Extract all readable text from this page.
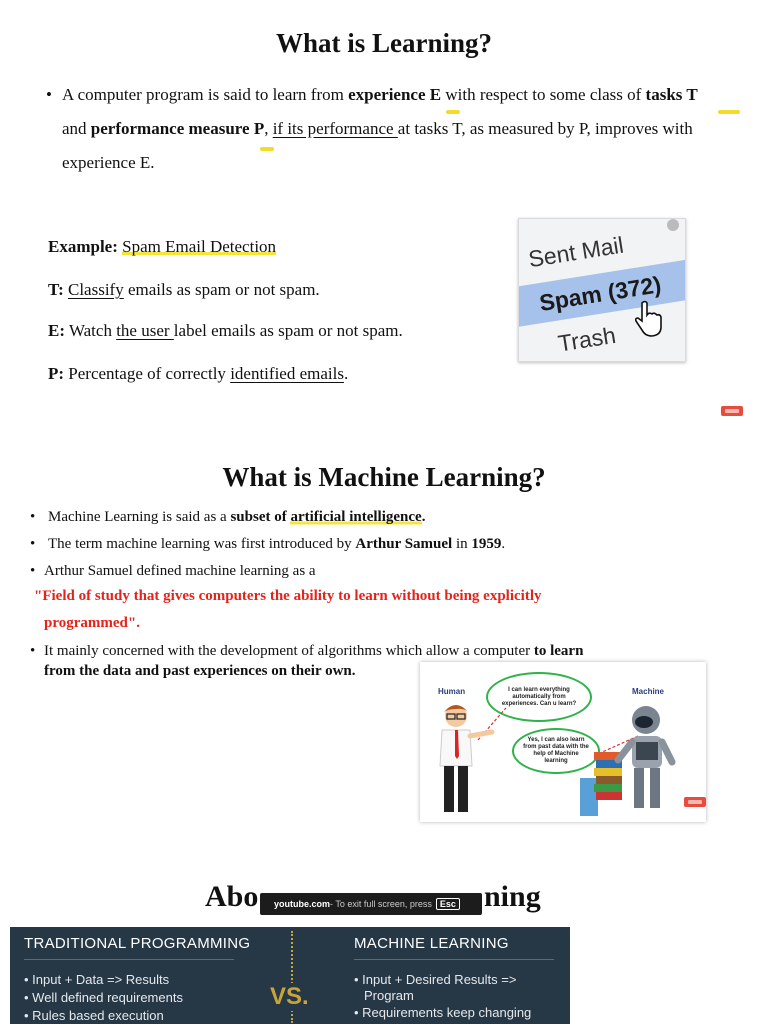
What is Learning?
• A computer program is said to learn from experience E with respect to some class of tasks T
and performance measure P, if its performance at tasks T, as measured by P, improves with
experience E.
Example: Spam Email Detection
T: Classify emails as spam or not spam.
E: Watch the user label emails as spam or not spam.
P: Percentage of correctly identified emails.
Sent Mail
Spam (372)
Trash
What is Machine Learning?
• Machine Learning is said as a subset of artificial intelligence.
• The term machine learning was first introduced by Arthur Samuel in 1959.
• Arthur Samuel defined machine learning as a
"Field of study that gives computers the ability to learn without being explicitly
programmed".
• It mainly concerned with the development of algorithms which allow a computer to learn
from the data and past experiences on their own.
Human	Machine
I can learn everything automatically from experiences. Can u learn?
Yes, I can also learn from past data with the help of Machine learning
Abo	ning
youtube.com - To exit full screen, press Esc
TRADITIONAL PROGRAMMING
• Input + Data => Results
• Well defined requirements
• Rules based execution
VS.
MACHINE LEARNING
• Input + Desired Results =>
Program
• Requirements keep changing
